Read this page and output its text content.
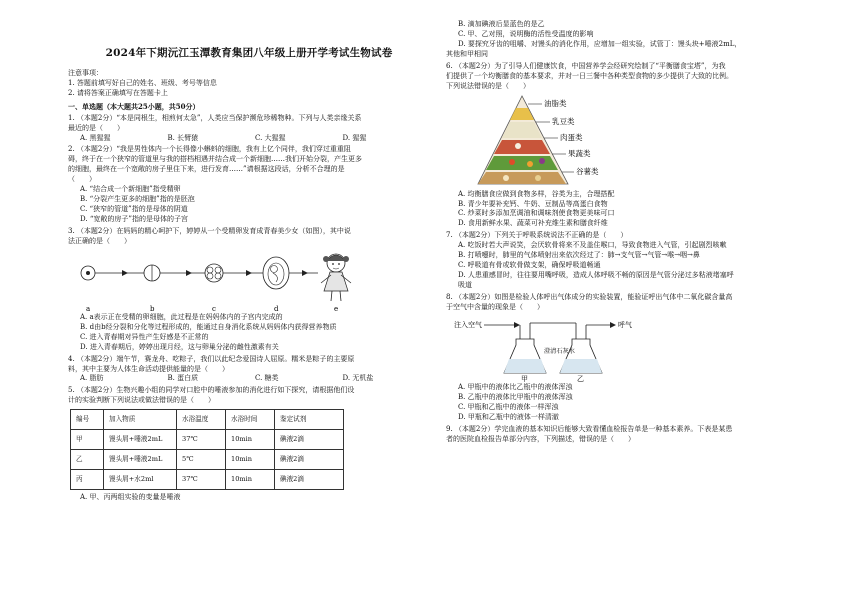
2024年下期沅江玉潭教育集团八年级上册开学考试生物试卷

注意事项：

1. 答题前填写好自己的姓名、班级、考号等信息

2. 请将答案正确填写在答题卡上

一、单选题（本大题共25小题，共50分）

1. （本题2分）“本是同根生，相煎何太急”，人类应当保护濒危珍稀物种。下列与人类亲缘关系

最近的是（　　）

A. 黑猩猩	B. 长臂猿	C. 大猩猩	D. 猩猩

2. （本题2分）“我是男性体内一个长得像小蝌蚪的细胞，我有上亿个同伴，我们穿过重重阻

碍，终于在一个狭窄的管道里与我的搭档相遇并结合成一个新细胞……我们开始分裂，产生更多

的细胞，最终在一个宽敞的房子里住下来，进行发育……”请根据这段话，分析不合理的是

（　　）

A. “结合成一个新细胞”指受精卵

B. “分裂产生更多的细胞”指的是胚泡

C. “狭窄的管道”指的是母体的阴道

D. “宽敞的房子”指的是母体的子宫

3. （本题2分）在妈妈的精心呵护下，婷婷从一个受精卵发育成青春美少女（如图），其中说

法正确的是（　　）

a	b	c	d	e

A. a表示正在受精的卵细胞，此过程是在妈妈体内的子宫内完成的

B. d由b经分裂和分化等过程形成的，能通过自身消化系统从妈妈体内获得营养物质

C. 进入青春期对异性产生好感是不正常的

D. 进入青春期后，婷婷出现月经，这与卵巢分泌的雌性激素有关

4. （本题2分）端午节，赛龙舟、吃粽子，我们以此纪念爱国诗人屈原。糯米是粽子的主要原

料，其中主要为人体生命活动提供能量的是（　　）

A. 脂肪	B. 蛋白质	C. 糖类	D. 无机盐

5. （本题2分）生物兴趣小组的同学对口腔中的唾液参加的消化进行如下探究，请根据他们设

计的实验判断下列说法或做法错误的是（　　）

编号	加入物质	水浴温度	水浴时间	鉴定试剂
甲	馒头屑+唾液2mL	37℃	10min	碘液2滴
乙	馒头屑+唾液2mL	5℃	10min	碘液2滴
丙	馒头屑+水2ml	37℃	10min	碘液2滴

A. 甲、丙两组实验的变量是唾液

B. 滴加碘液后显蓝色的是乙

C. 甲、乙对照，说明酶的活性受温度的影响

D. 要探究牙齿的咀嚼、对馒头的消化作用，应增加一组实验，试管丁：馒头块+唾液2mL，

其他和甲相同

6. （本题2分）为了引导人们健康饮食，中国营养学会经研究绘制了“平衡膳食宝塔”，为我

们提供了一个均衡膳食的基本要求，并对一日三餐中各种类型食物的多少提供了大致的比例。

下列说法错误的是（　　）

油脂类
乳豆类
肉蛋类
果蔬类
谷薯类

A. 均衡膳食应做到食物多样，谷类为主，合理搭配

B. 青少年要补充钙、牛奶、豆制品等高蛋白食物

C. 炒菜时多添加烹调油和调味剂使食物更美味可口

D. 食用新鲜水果、蔬菜可补充维生素和膳食纤维

7. （本题2分）下列关于呼吸系统说法不正确的是（　　）

A. 吃饭时若大声说笑，会厌软骨将来不及盖住喉口，导致食物进入气管，引起剧烈咳嗽

B. 打喷嚏时，肺里的气体喷射出来依次经过了：肺→支气管→气管→喉→咽→鼻

C. 呼吸道有骨或软骨做支架，确保呼吸道畅通

D. 人患重感冒时，往往要用嘴呼吸，造成人体呼吸不畅的原因是气管分泌过多粘液堵塞呼

吸道

8. （本题2分）如图是检验人体呼出气体成分的实验装置，能验证呼出气体中二氧化碳含量高

于空气中含量的现象是（　　）

注入空气	呼气
澄清石灰水
甲	乙

A. 甲瓶中的液体比乙瓶中的液体浑浊

B. 乙瓶中的液体比甲瓶中的液体浑浊

C. 甲瓶和乙瓶中的液体一样浑浊

D. 甲瓶和乙瓶中的液体一样清澈

9. （本题2分）学完血液的基本知识后能够大致看懂血检报告单是一种基本素养。下表是某患

者的医院血检报告单部分内容，下列描述，错误的是（　　）
